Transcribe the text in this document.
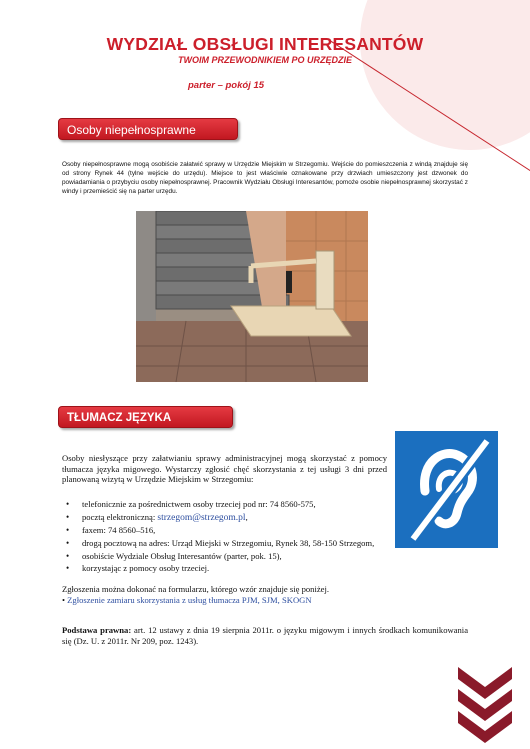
WYDZIAŁ OBSŁUGI INTERESANTÓW
TWOIM PRZEWODNIKIEM PO URZĘDZIE
parter – pokój 15
Osoby niepełnosprawne
Osoby niepełnosprawne mogą osobiście załatwić sprawy w Urzędzie Miejskim w Strzegomiu. Wejście do pomieszczenia z windą znajduje się od strony Rynek 44 (tylne wejście do urzędu). Miejsce to jest właściwie oznakowane przy drzwiach umieszczony jest dzwonek do powiadamiania o przybyciu osoby niepełnosprawnej. Pracownik Wydziału Obsługi Interesantów, pomoże osobie niepełnosprawnej skorzystać z windy i przemieścić się na parter urzędu.
TŁUMACZ JĘZYKA MIGOWEGO
Osoby niesłyszące przy załatwianiu sprawy administracyjnej mogą skorzystać z pomocy tłumacza języka migowego. Wystarczy zgłosić chęć skorzystania z tej usługi 3 dni przed planowaną wizytą w Urzędzie Miejskim w Strzegomiu:
• telefonicznie za pośrednictwem osoby trzeciej pod nr: 74 8560-575,
• pocztą elektroniczną: strzegom@strzegom.pl,
• faxem: 74 8560–516,
• drogą pocztową na adres: Urząd Miejski w Strzegomiu, Rynek 38, 58-150 Strzegom,
• osobiście Wydziale Obsług Interesantów (parter, pok. 15),
• korzystając z pomocy osoby trzeciej.
Zgłoszenia można dokonać na formularzu, którego wzór znajduje się poniżej.
• Zgłoszenie zamiaru skorzystania z usług tłumacza PJM, SJM, SKOGN
Podstawa prawna: art. 12 ustawy z dnia 19 sierpnia 2011r. o języku migowym i innych środkach komunikowania się (Dz. U. z 2011r. Nr 209, poz. 1243).
